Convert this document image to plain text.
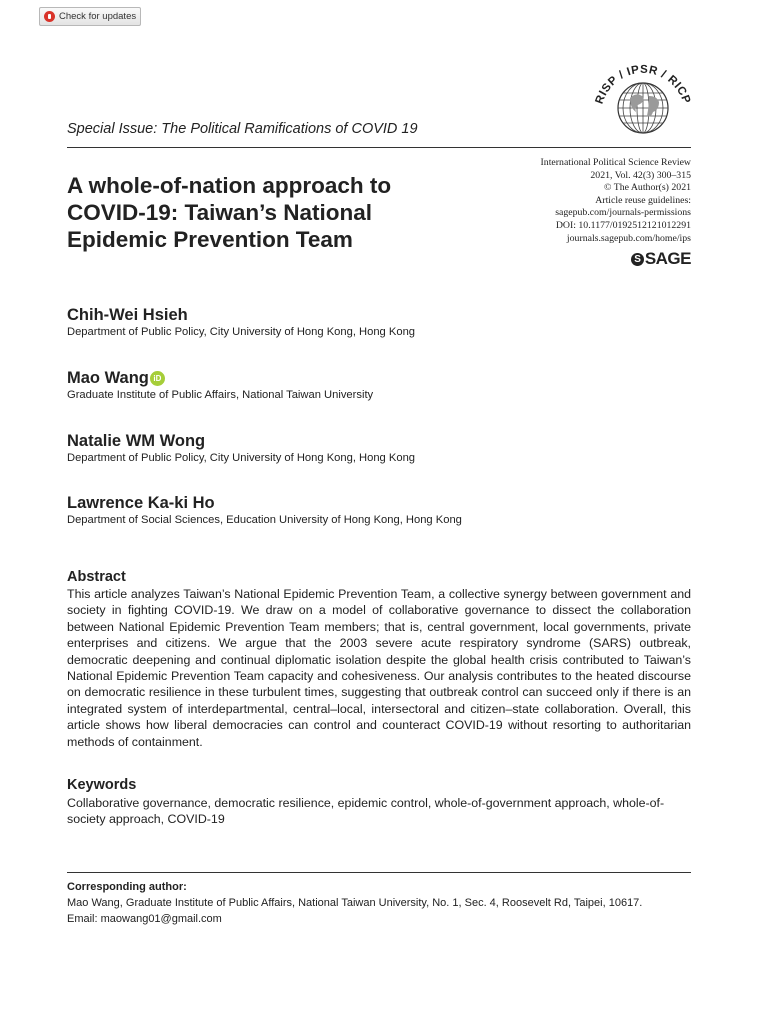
Check for updates
RISP / IPSR / RICP
Special Issue: The Political Ramifications of COVID 19
A whole-of-nation approach to COVID-19: Taiwan’s National Epidemic Prevention Team
International Political Science Review
2021, Vol. 42(3) 300–315
© The Author(s) 2021
Article reuse guidelines:
sagepub.com/journals-permissions
DOI: 10.1177/0192512121012291
journals.sagepub.com/home/ips
S SAGE
Chih-Wei Hsieh
Department of Public Policy, City University of Hong Kong, Hong Kong
Mao Wang iD
Graduate Institute of Public Affairs, National Taiwan University
Natalie WM Wong
Department of Public Policy, City University of Hong Kong, Hong Kong
Lawrence Ka-ki Ho
Department of Social Sciences, Education University of Hong Kong, Hong Kong
Abstract
This article analyzes Taiwan’s National Epidemic Prevention Team, a collective synergy between government and society in fighting COVID-19. We draw on a model of collaborative governance to dissect the collaboration between National Epidemic Prevention Team members; that is, central government, local governments, private enterprises and citizens. We argue that the 2003 severe acute respiratory syndrome (SARS) outbreak, democratic deepening and continual diplomatic isolation despite the global health crisis contributed to Taiwan’s National Epidemic Prevention Team capacity and cohesiveness. Our analysis contributes to the heated discourse on democratic resilience in these turbulent times, suggesting that outbreak control can succeed only if there is an integrated system of interdepartmental, central–local, intersectoral and citizen–state collaboration. Overall, this article shows how liberal democracies can control and counteract COVID-19 without resorting to authoritarian methods of containment.
Keywords
Collaborative governance, democratic resilience, epidemic control, whole-of-government approach, whole-of-society approach, COVID-19
Corresponding author:
Mao Wang, Graduate Institute of Public Affairs, National Taiwan University, No. 1, Sec. 4, Roosevelt Rd, Taipei, 10617.
Email: maowang01@gmail.com
